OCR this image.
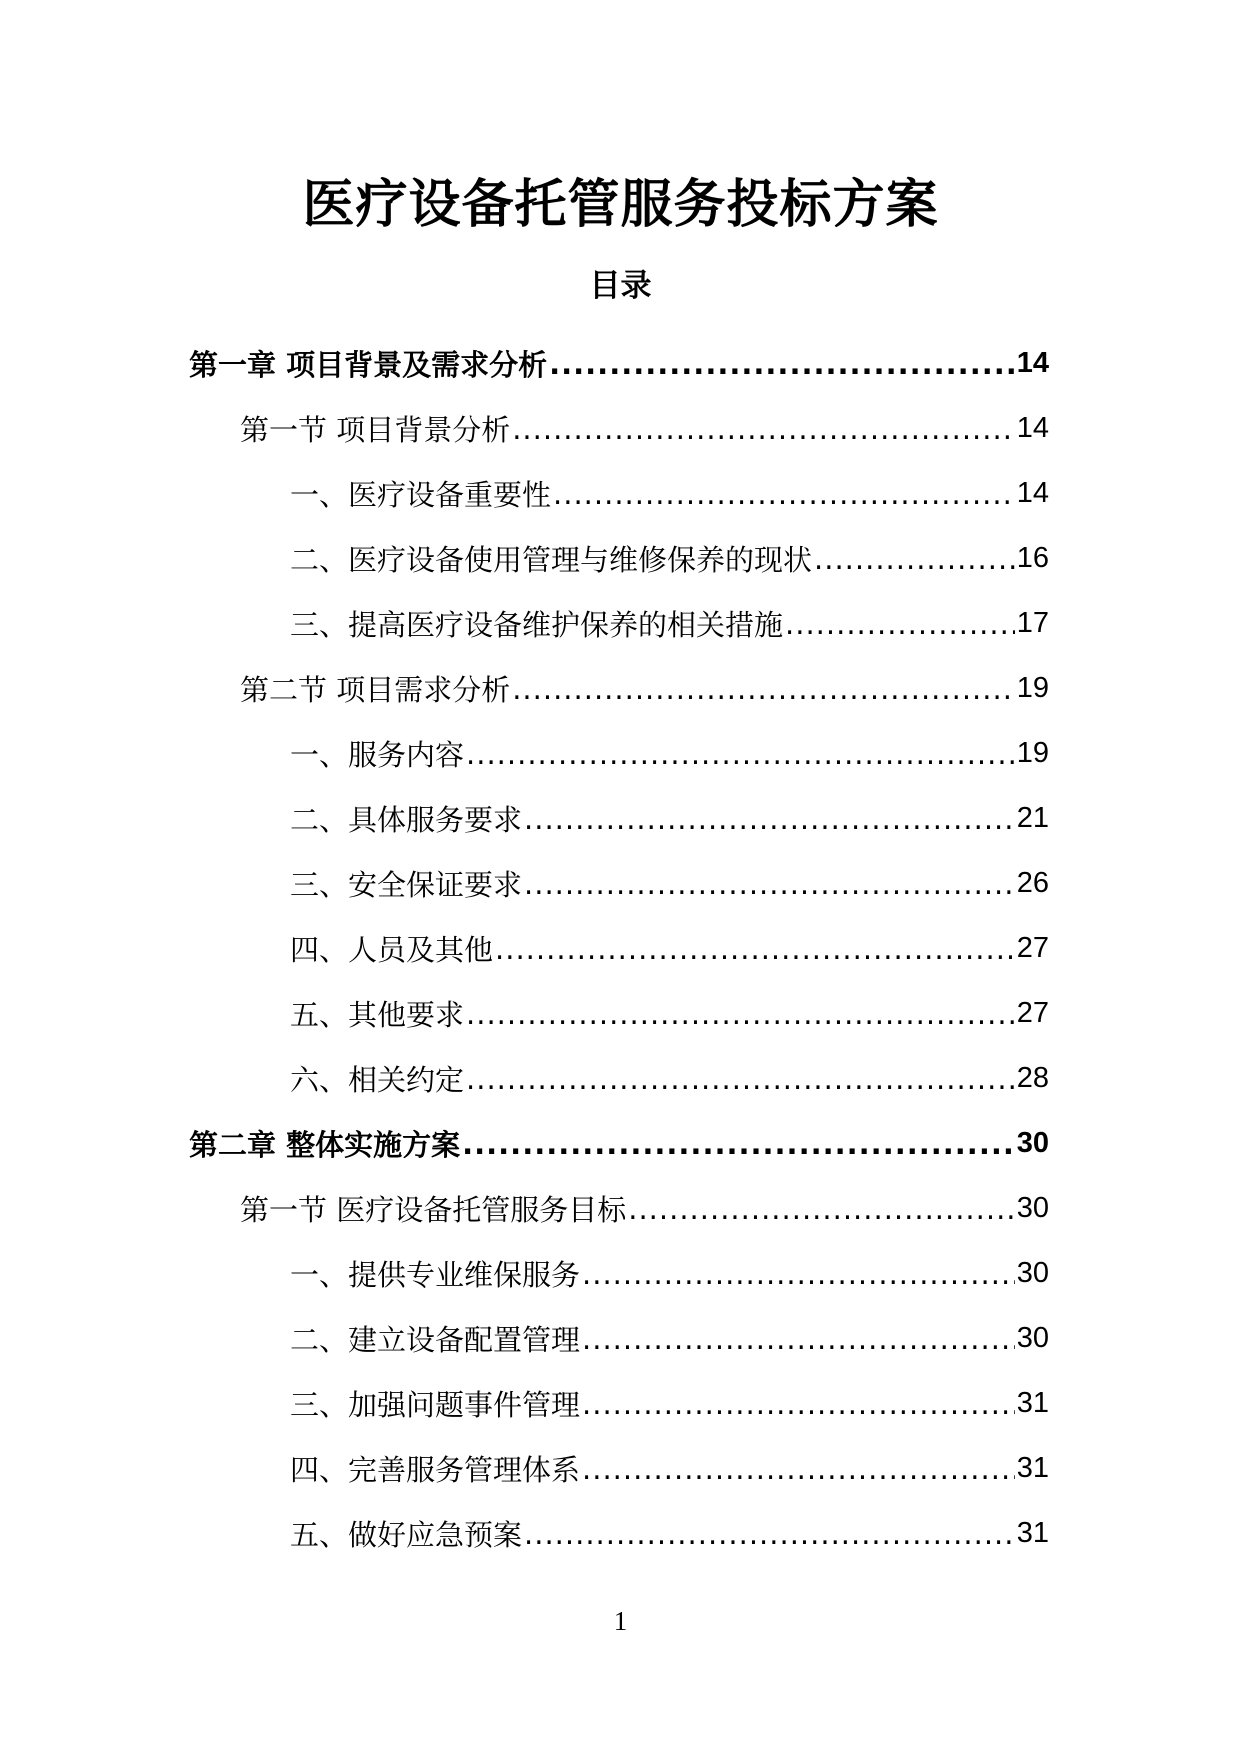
医疗设备托管服务投标方案
目录
第一章 项目背景及需求分析 .....	14
第一节 项目背景分析 .....	14
一、医疗设备重要性 .....	14
二、医疗设备使用管理与维修保养的现状 .....	16
三、提高医疗设备维护保养的相关措施 .....	17
第二节 项目需求分析 .....	19
一、服务内容 .....	19
二、具体服务要求 .....	21
三、安全保证要求 .....	26
四、人员及其他 .....	27
五、其他要求 .....	27
六、相关约定 .....	28
第二章 整体实施方案 .....	30
第一节 医疗设备托管服务目标 .....	30
一、提供专业维保服务 .....	30
二、建立设备配置管理 .....	30
三、加强问题事件管理 .....	31
四、完善服务管理体系 .....	31
五、做好应急预案 .....	31
1
